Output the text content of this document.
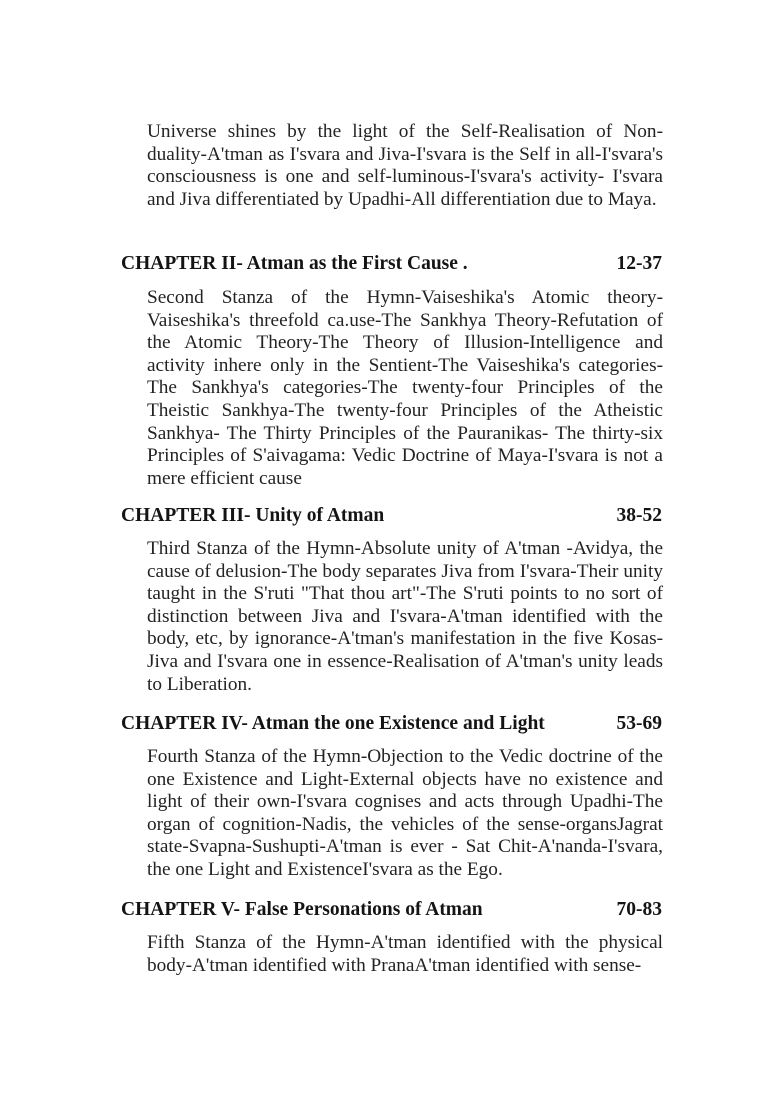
Universe shines by the light of the Self-Realisation of Non-duality-A'tman as I'svara and Jiva-I'svara is the Self in all-I'svara's consciousness is one and self-luminous-I'svara's activity- I'svara and Jiva differentiated by Upadhi-All differentiation due to Maya.

CHAPTER II- Atman as the First Cause .	12-37

Second Stanza of the Hymn-Vaiseshika's Atomic theory-Vaiseshika's threefold ca.use-The Sankhya Theory-Refutation of the Atomic Theory-The Theory of Illusion-Intelligence and activity inhere only in the Sentient-The Vaiseshika's categories-The Sankhya's categories-The twenty-four Principles of the Theistic Sankhya-The twenty-four Principles of the Atheistic Sankhya- The Thirty Principles of the Pauranikas- The thirty-six Principles of S'aivagama: Vedic Doctrine of Maya-I'svara is not a mere efficient cause

CHAPTER III- Unity of Atman	38-52

Third Stanza of the Hymn-Absolute unity of A'tman -Avidya, the cause of delusion-The body separates Jiva from I'svara-Their unity taught in the S'ruti "That thou art"-The S'ruti points to no sort of distinction between Jiva and I'svara-A'tman identified with the body, etc, by ignorance-A'tman's manifestation in the five Kosas-Jiva and I'svara one in essence-Realisation of A'tman's unity leads to Liberation.

CHAPTER IV- Atman the one Existence and Light	53-69

Fourth Stanza of the Hymn-Objection to the Vedic doctrine of the one Existence and Light-External objects have no existence and light of their own-I'svara cognises and acts through Upadhi-The organ of cognition-Nadis, the vehicles of the sense-organsJagrat state-Svapna-Sushupti-A'tman is ever - Sat Chit-A'nanda-I'svara, the one Light and ExistenceI'svara as the Ego.

CHAPTER V- False Personations of Atman	70-83

Fifth Stanza of the Hymn-A'tman identified with the physical body-A'tman identified with PranaA'tman identified with sense-
